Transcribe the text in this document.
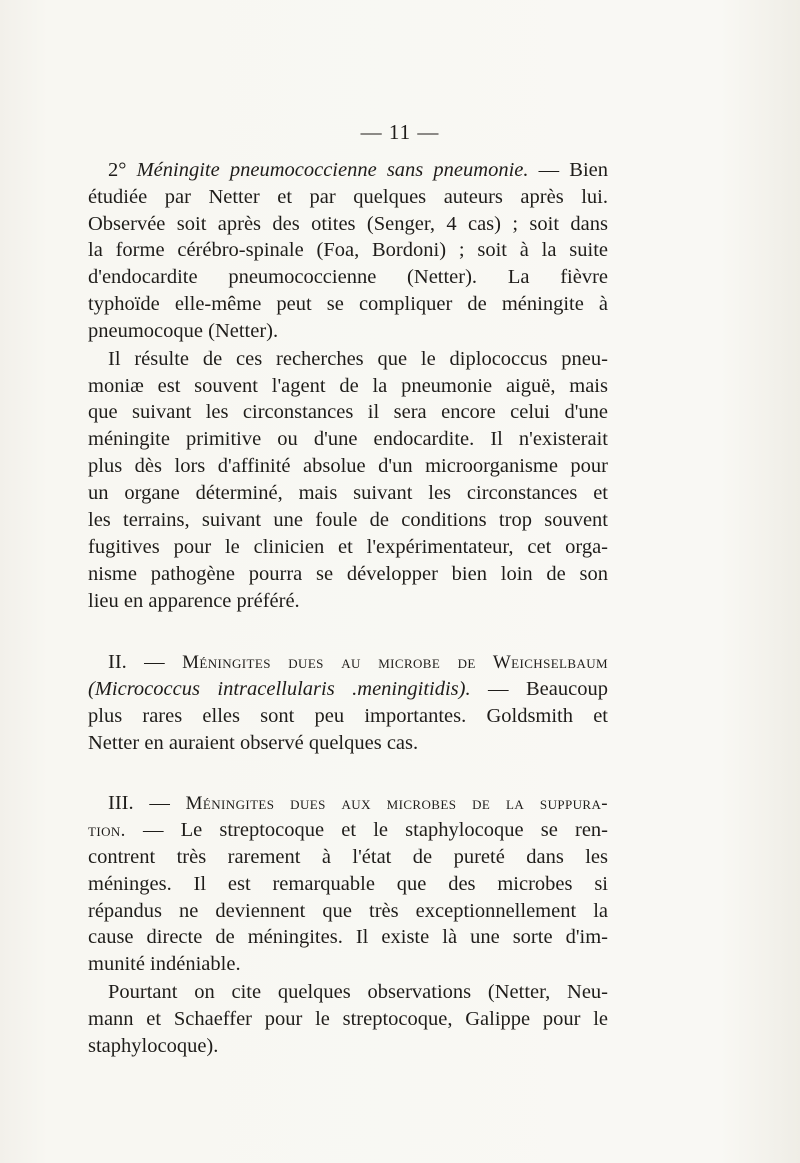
— 11 —
2° Méningite pneumococcienne sans pneumonie. — Bien
étudiée par Netter et par quelques auteurs après lui.
Observée soit après des otites (Senger, 4 cas) ; soit dans
la forme cérébro-spinale (Foa, Bordoni) ; soit à la suite
d'endocardite pneumococcienne (Netter). La fièvre
typhoïde elle-même peut se compliquer de méningite à
pneumocoque (Netter).
Il résulte de ces recherches que le diplococcus pneu-
moniæ est souvent l'agent de la pneumonie aiguë, mais
que suivant les circonstances il sera encore celui d'une
méningite primitive ou d'une endocardite. Il n'existerait
plus dès lors d'affinité absolue d'un microorganisme pour
un organe déterminé, mais suivant les circonstances et
les terrains, suivant une foule de conditions trop souvent
fugitives pour le clinicien et l'expérimentateur, cet orga-
nisme pathogène pourra se développer bien loin de son
lieu en apparence préféré.
II. — Méningites dues au microbe de Weichselbaum
(Micrococcus intracellularis .meningitidis). — Beaucoup
plus rares elles sont peu importantes. Goldsmith et
Netter en auraient observé quelques cas.
III. — Méningites dues aux microbes de la suppura-
tion. — Le streptocoque et le staphylocoque se ren-
contrent très rarement à l'état de pureté dans les
méninges. Il est remarquable que des microbes si
répandus ne deviennent que très exceptionnellement la
cause directe de méningites. Il existe là une sorte d'im-
munité indéniable.
Pourtant on cite quelques observations (Netter, Neu-
mann et Schaeffer pour le streptocoque, Galippe pour le
staphylocoque).
